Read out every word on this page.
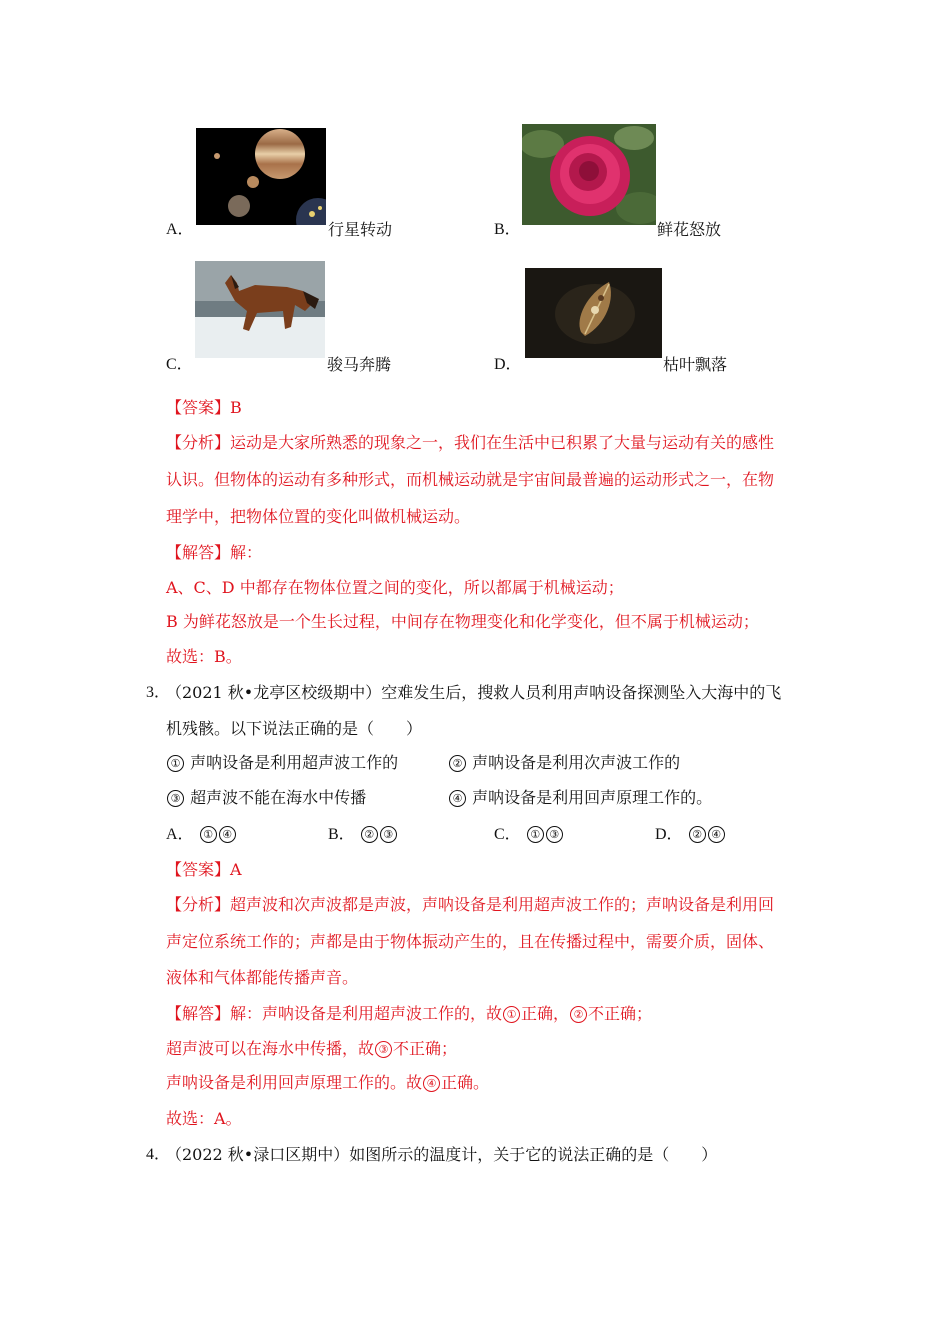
A．	行星转动	B．	鲜花怒放
C．	骏马奔腾	D．	枯叶飘落
【答案】B
【分析】运动是大家所熟悉的现象之一，我们在生活中已积累了大量与运动有关的感性
认识。但物体的运动有多种形式，而机械运动就是宇宙间最普遍的运动形式之一，在物
理学中，把物体位置的变化叫做机械运动。
【解答】解：
A、C、D 中都存在物体位置之间的变化，所以都属于机械运动；
B 为鲜花怒放是一个生长过程，中间存在物理变化和化学变化，但不属于机械运动；
故选：B。
3．
（2021 秋•龙亭区校级期中）空难发生后，搜救人员利用声呐设备探测坠入大海中的飞
机残骸。以下说法正确的是（　　）
① 声呐设备是利用超声波工作的	② 声呐设备是利用次声波工作的
③ 超声波不能在海水中传播	④ 声呐设备是利用回声原理工作的。
A． ① ④	B． ② ③	C． ① ③	D． ② ④
【答案】A
【分析】超声波和次声波都是声波，声呐设备是利用超声波工作的；声呐设备是利用回
声定位系统工作的；声都是由于物体振动产生的，且在传播过程中，需要介质，固体、
液体和气体都能传播声音。
【解答】解：声呐设备是利用超声波工作的，故 ① 正确， ② 不正确；
超声波可以在海水中传播，故 ③ 不正确；
声呐设备是利用回声原理工作的。故 ④ 正确。
故选：A。
4．
（2022 秋•渌口区期中）如图所示的温度计，关于它的说法正确的是（　　）
